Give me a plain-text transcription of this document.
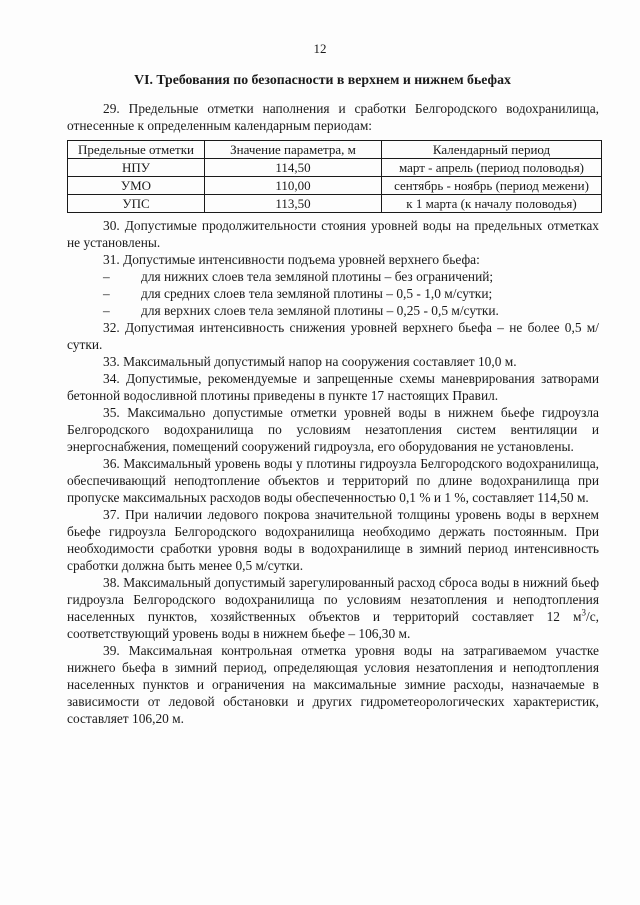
12
VI. Требования по безопасности в верхнем и нижнем бьефах

29. Предельные отметки наполнения и сработки Белгородского водохранилища, отнесенные к определенным календарным периодам:

Предельные отметки	Значение параметра, м	Календарный период
НПУ	114,50	март - апрель (период половодья)
УМО	110,00	сентябрь - ноябрь (период межени)
УПС	113,50	к 1 марта (к началу половодья)

30. Допустимые продолжительности стояния уровней воды на предельных отметках не установлены.

31. Допустимые интенсивности подъема уровней верхнего бьефа:

–	для нижних слоев тела земляной плотины – без ограничений;
–	для средних слоев тела земляной плотины – 0,5 - 1,0 м/сутки;
–	для верхних слоев тела земляной плотины – 0,25 - 0,5 м/сутки.

32. Допустимая интенсивность снижения уровней верхнего бьефа – не более 0,5 м/сутки.

33. Максимальный допустимый напор на сооружения составляет 10,0 м.

34. Допустимые, рекомендуемые и запрещенные схемы маневрирования затворами бетонной водосливной плотины приведены в пункте 17 настоящих Правил.

35. Максимально допустимые отметки уровней воды в нижнем бьефе гидроузла Белгородского водохранилища по условиям незатопления систем вентиляции и энергоснабжения, помещений сооружений гидроузла, его оборудования не установлены.

36. Максимальный уровень воды у плотины гидроузла Белгородского водохранилища, обеспечивающий неподтопление объектов и территорий по длине водохранилища при пропуске максимальных расходов воды обеспеченностью 0,1 % и 1 %, составляет 114,50 м.

37. При наличии ледового покрова значительной толщины уровень воды в верхнем бьефе гидроузла Белгородского водохранилища необходимо держать постоянным. При необходимости сработки уровня воды в водохранилище в зимний период интенсивность сработки должна быть менее 0,5 м/сутки.

38. Максимальный допустимый зарегулированный расход сброса воды в нижний бьеф гидроузла Белгородского водохранилища по условиям незатопления и неподтопления населенных пунктов, хозяйственных объектов и территорий составляет 12 $м^3/с$, соответствующий уровень воды в нижнем бьефе – 106,30 м.

39. Максимальная контрольная отметка уровня воды на затрагиваемом участке нижнего бьефа в зимний период, определяющая условия незатопления и неподтопления населенных пунктов и ограничения на максимальные зимние расходы, назначаемые в зависимости от ледовой обстановки и других гидрометеорологических характеристик, составляет 106,20 м.
